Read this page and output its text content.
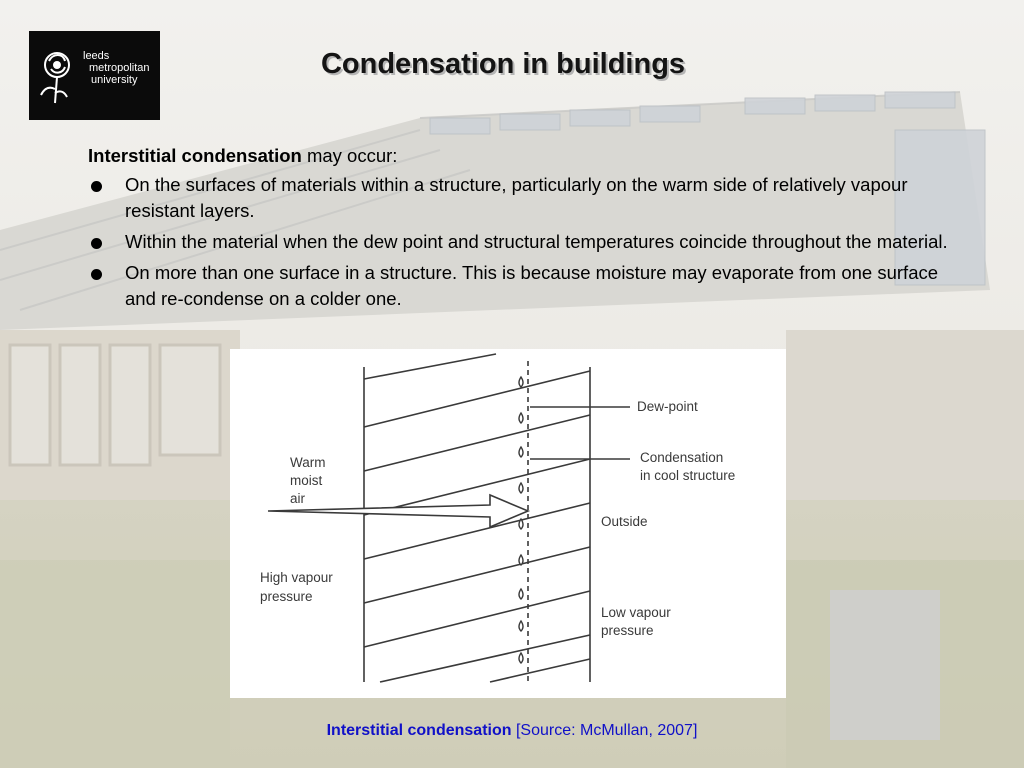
leeds
metropolitan
university	Condensation in buildings

Interstitial condensation may occur:

On the surfaces of materials within a structure, particularly on the warm side of relatively vapour resistant layers.
Within the material when the dew point and structural temperatures coincide throughout the material.
On more than one surface in a structure. This is because moisture may evaporate from one surface and re-condense on a colder one.
Dew-point
Condensation
in cool structure
Warm
moist
air
Outside
High vapour
pressure
Low vapour
pressure
Interstitial condensation [Source: McMullan, 2007]
